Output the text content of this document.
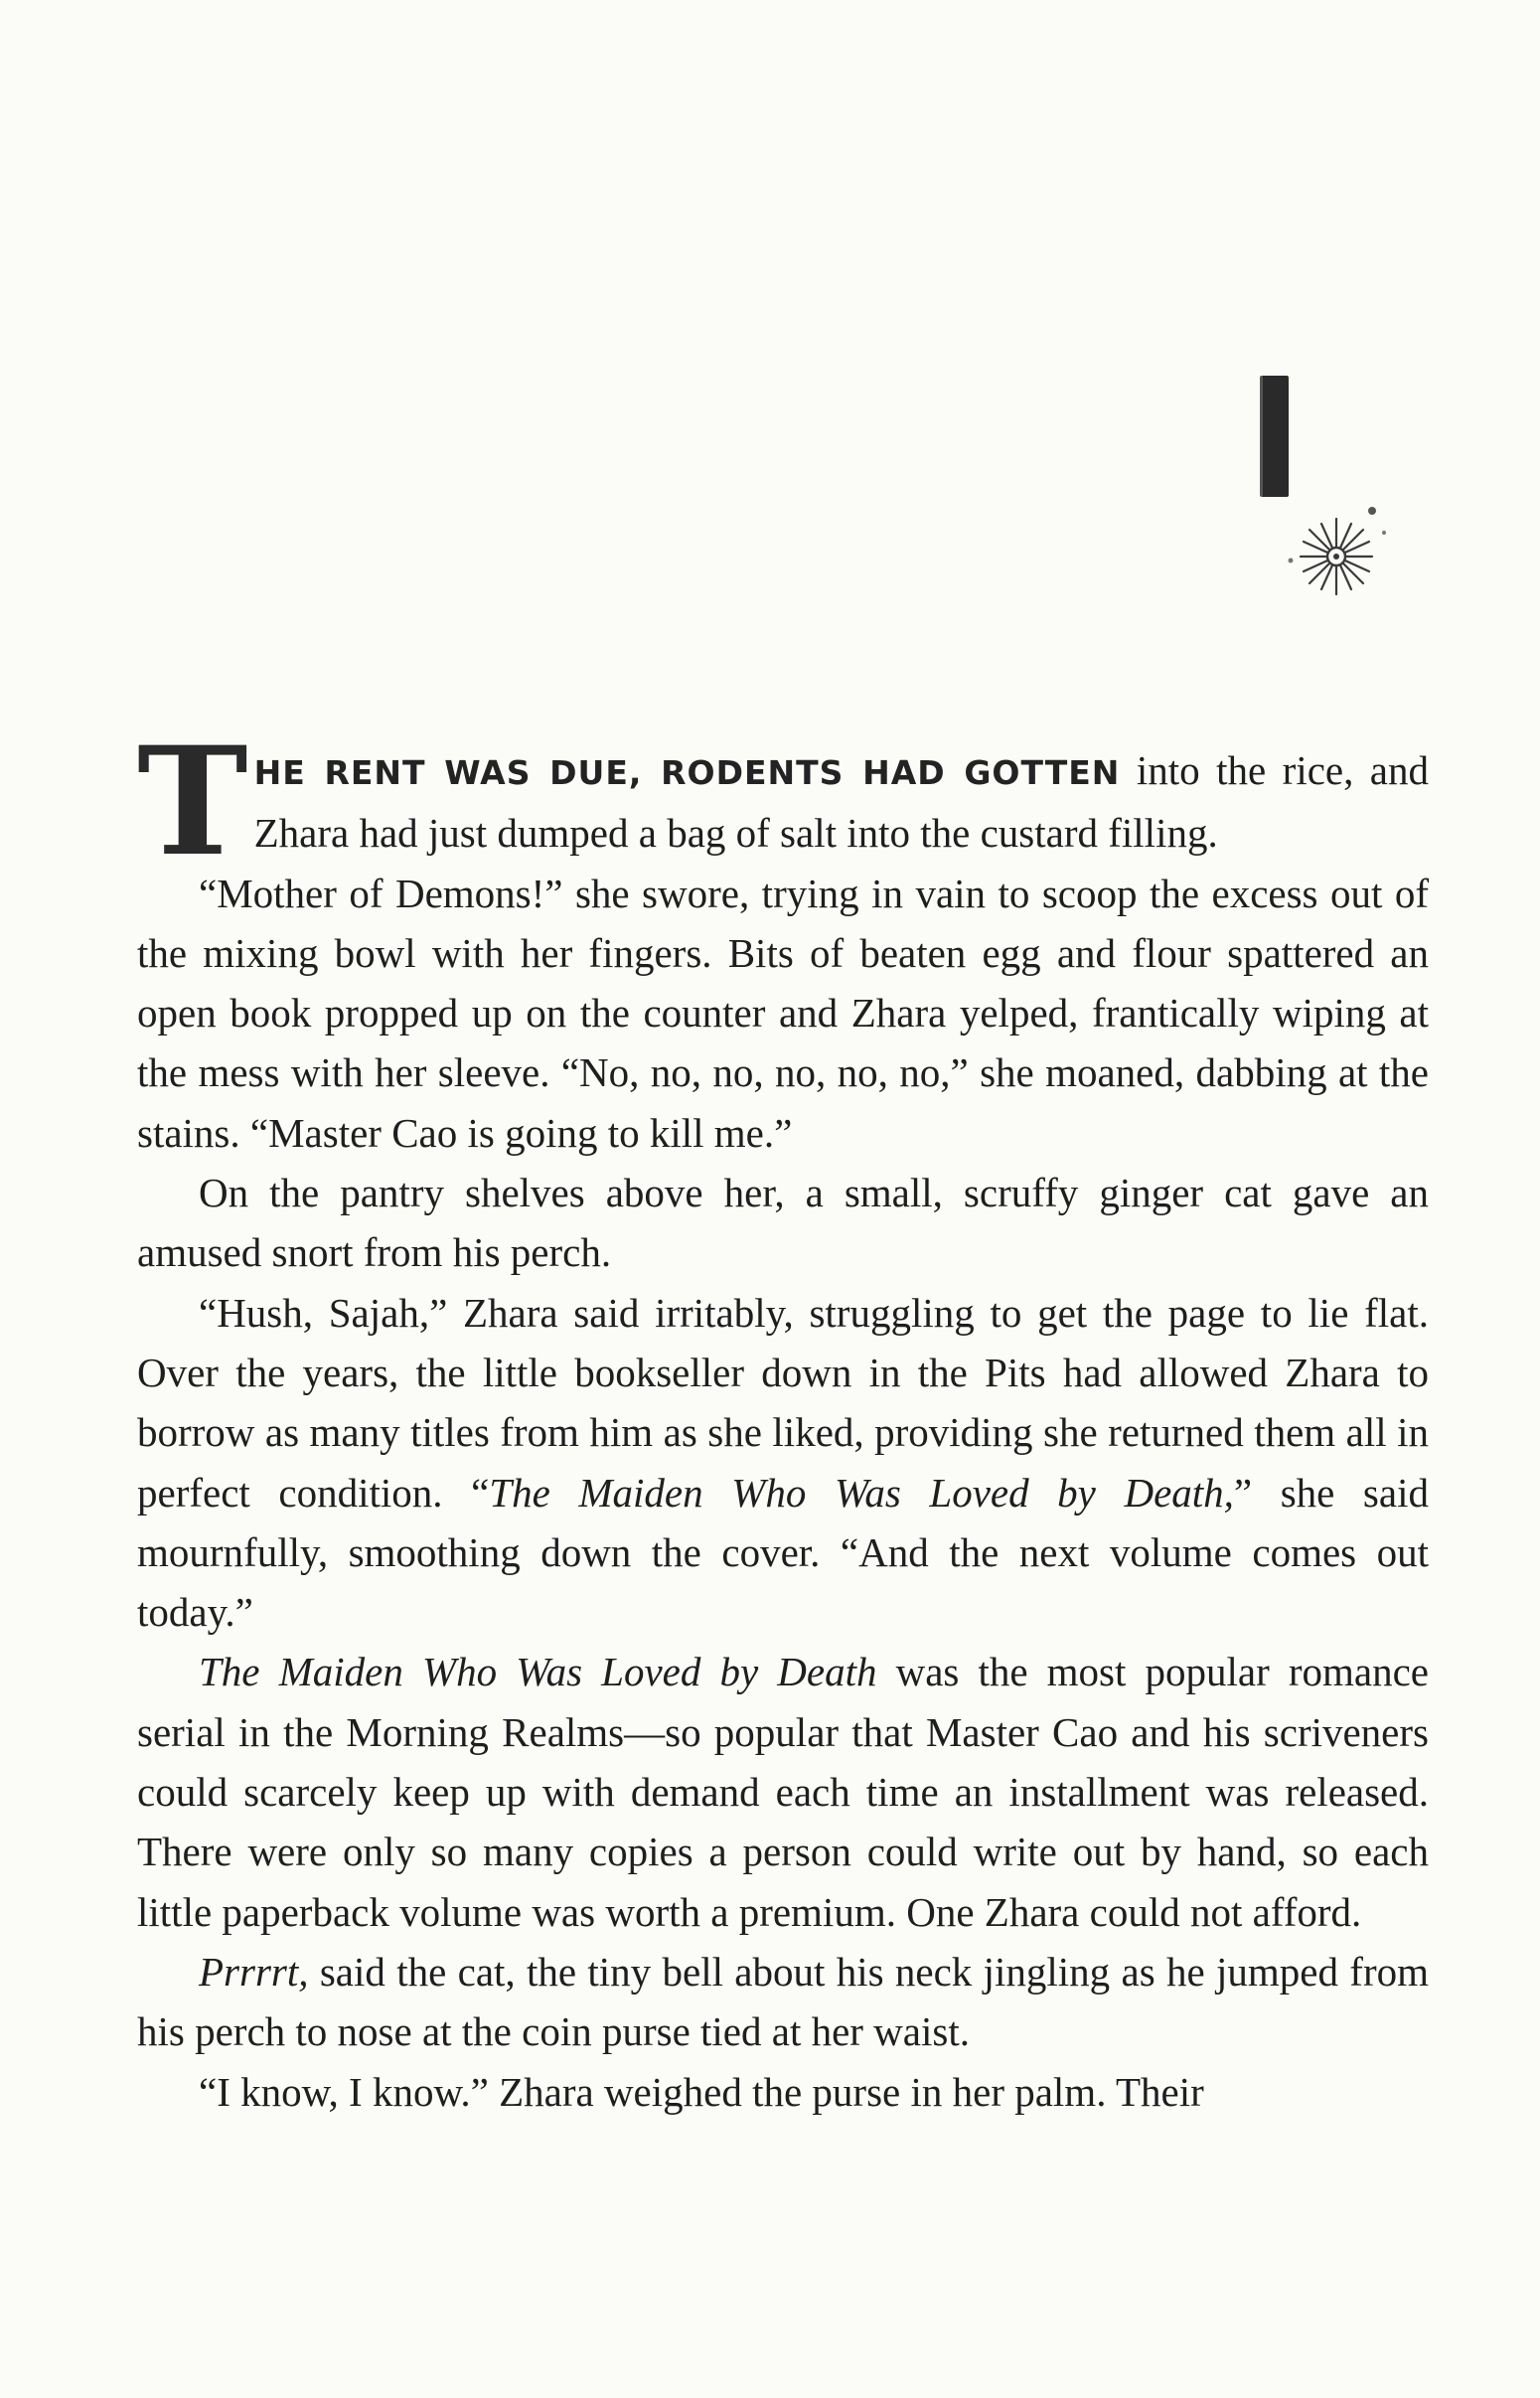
THE RENT WAS DUE, RODENTS HAD GOTTEN into the rice, and Zhara had just dumped a bag of salt into the custard filling.

“Mother of Demons!” she swore, trying in vain to scoop the excess out of the mixing bowl with her fingers. Bits of beaten egg and flour spattered an open book propped up on the counter and Zhara yelped, frantically wiping at the mess with her sleeve. “No, no, no, no, no, no,” she moaned, dabbing at the stains. “Master Cao is going to kill me.”

On the pantry shelves above her, a small, scruffy ginger cat gave an amused snort from his perch.

“Hush, Sajah,” Zhara said irritably, struggling to get the page to lie flat. Over the years, the little bookseller down in the Pits had allowed Zhara to borrow as many titles from him as she liked, providing she returned them all in perfect condition. “The Maiden Who Was Loved by Death,” she said mournfully, smoothing down the cover. “And the next volume comes out today.”

The Maiden Who Was Loved by Death was the most popular romance serial in the Morning Realms—so popular that Master Cao and his scriveners could scarcely keep up with demand each time an installment was released. There were only so many copies a person could write out by hand, so each little paperback volume was worth a premium. One Zhara could not afford.

Prrrrt, said the cat, the tiny bell about his neck jingling as he jumped from his perch to nose at the coin purse tied at her waist.

“I know, I know.” Zhara weighed the purse in her palm. Their
